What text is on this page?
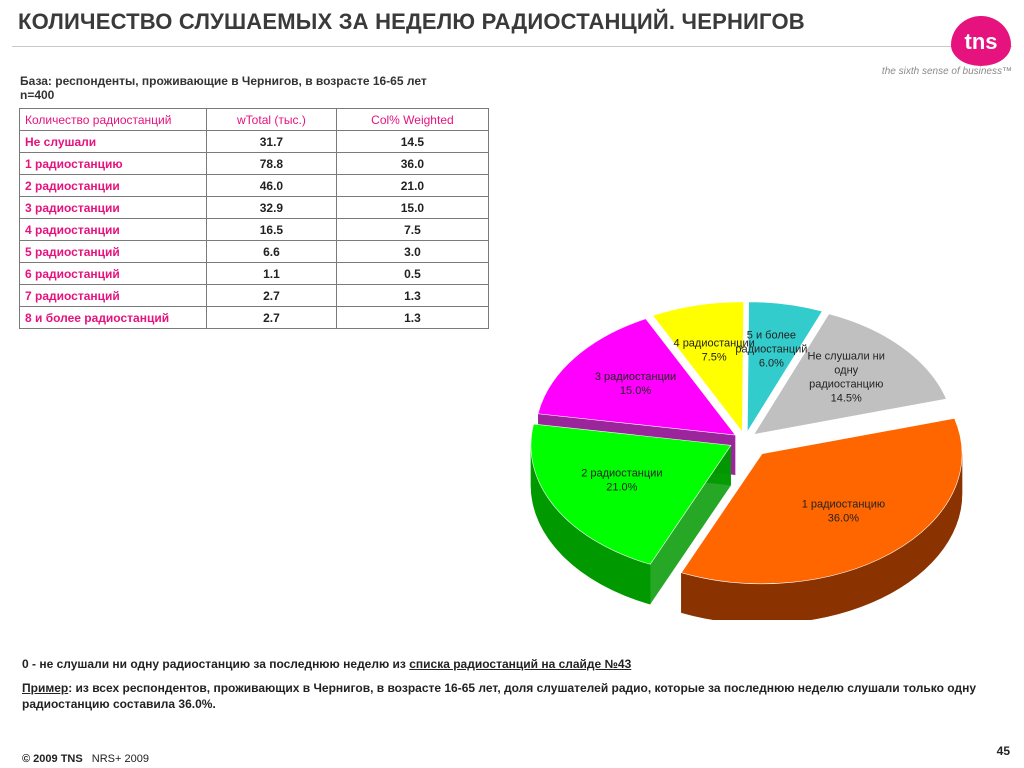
КОЛИЧЕСТВО СЛУШАЕМЫХ ЗА НЕДЕЛЮ РАДИОСТАНЦИЙ. ЧЕРНИГОВ
tns
the sixth sense of business™
База: респонденты, проживающие в Чернигов, в возрасте 16-65 лет
n=400
Количество радиостанций	wTotal (тыс.)	Col% Weighted
Не слушали	31.7	14.5
1 радиостанцию	78.8	36.0
2 радиостанции	46.0	21.0
3 радиостанции	32.9	15.0
4 радиостанции	16.5	7.5
5 радиостанций	6.6	3.0
6 радиостанций	1.1	0.5
7 радиостанций	2.7	1.3
8 и более радиостанций	2.7	1.3
Не слушали ни одну радиостанцию 14.5%
1 радиостанцию 36.0%
2 радиостанции 21.0%
3 радиостанции 15.0%
4 радиостанции 7.5%
5 и более радиостанций 6.0%
0 - не слушали ни одну радиостанцию за последнюю неделю из списка радиостанций на слайде №43
Пример: из всех респондентов, проживающих в Чернигов, в возрасте 16-65 лет, доля слушателей радио, которые за последнюю неделю слушали только одну радиостанцию составила 36.0%.
© 2009 TNS NRS+ 2009
45
